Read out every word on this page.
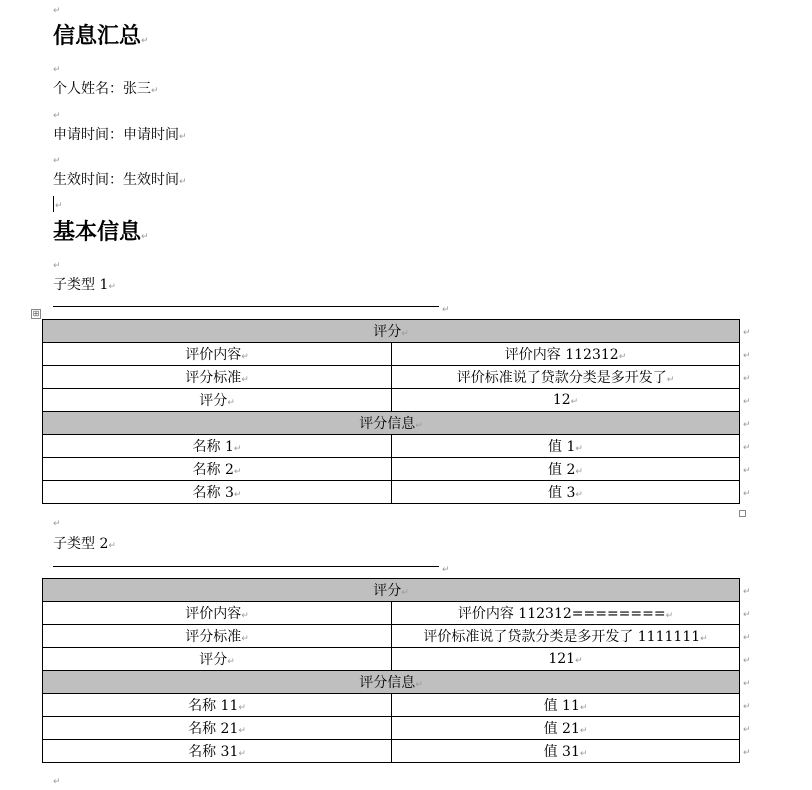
↵
信息汇总↵
↵
个人姓名：张三↵
↵
申请时间：申请时间↵
↵
生效时间：生效时间↵
↵
基本信息↵
↵
子类型 1↵
↵
⊞
评分↵	
评价内容↵	评价内容 112312↵
评分标准↵	评价标准说了贷款分类是多开发了↵
评分↵	12↵
评分信息↵	
名称 1↵	值 1↵
名称 2↵	值 2↵
名称 3↵	值 3↵
↵
↵
↵
↵
↵
↵
↵
↵
↵
子类型 2↵
↵
评分↵	
评价内容↵	评价内容 112312========↵
评分标准↵	评价标准说了贷款分类是多开发了 1111111↵
评分↵	121↵
评分信息↵	
名称 11↵	值 11↵
名称 21↵	值 21↵
名称 31↵	值 31↵
↵
↵
↵
↵
↵
↵
↵
↵
↵
